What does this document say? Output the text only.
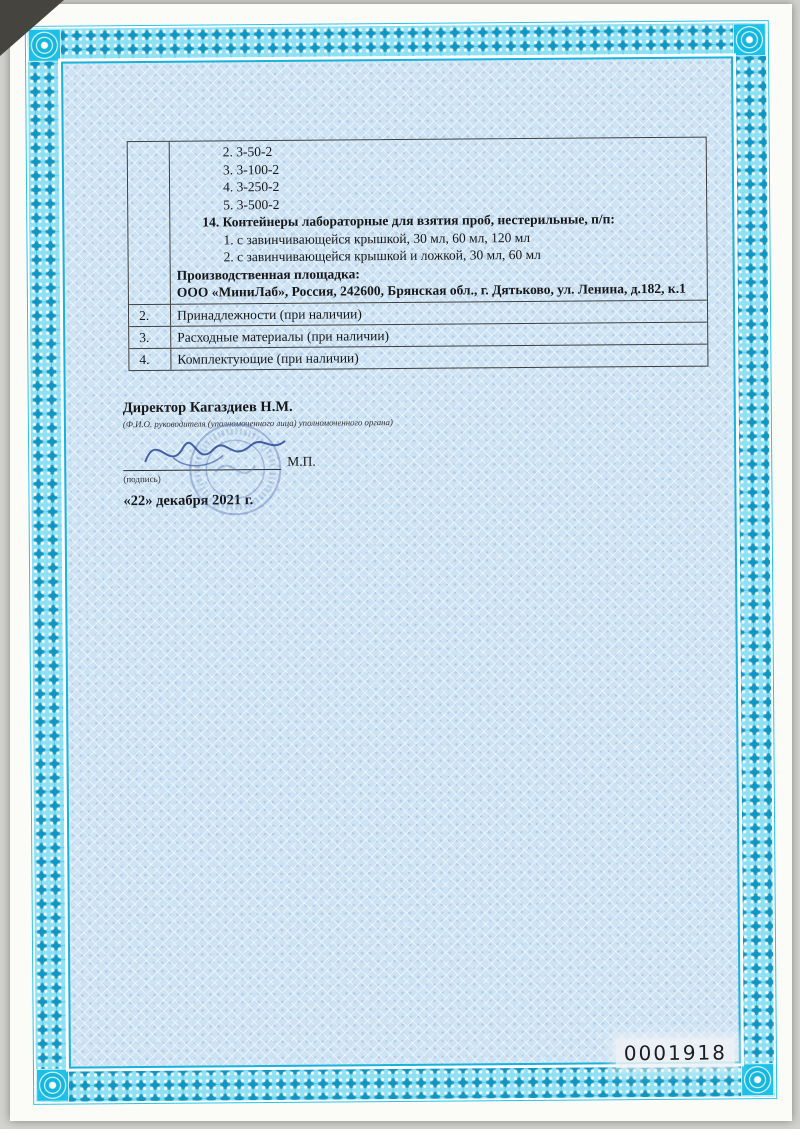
2. 3-50-2
3. 3-100-2
4. 3-250-2
5. 3-500-2
14. Контейнеры лабораторные для взятия проб, нестерильные, п/п:
1. с завинчивающейся крышкой, 30 мл, 60 мл, 120 мл
2. с завинчивающейся крышкой и ложкой, 30 мл, 60 мл
Производственная площадка:
ООО «МиниЛаб», Россия, 242600, Брянская обл., г. Дятьково, ул. Ленина, д.182, к.1
2.	Принадлежности (при наличии)
3.	Расходные материалы (при наличии)
4.	Комплектующие (при наличии)
Директор Кагаздиев Н.М.
(Ф.И.О. руководителя (уполномоченного лица) уполномоченного органа)
М.П.
(подпись)
«22» декабря 2021 г.
0001918
